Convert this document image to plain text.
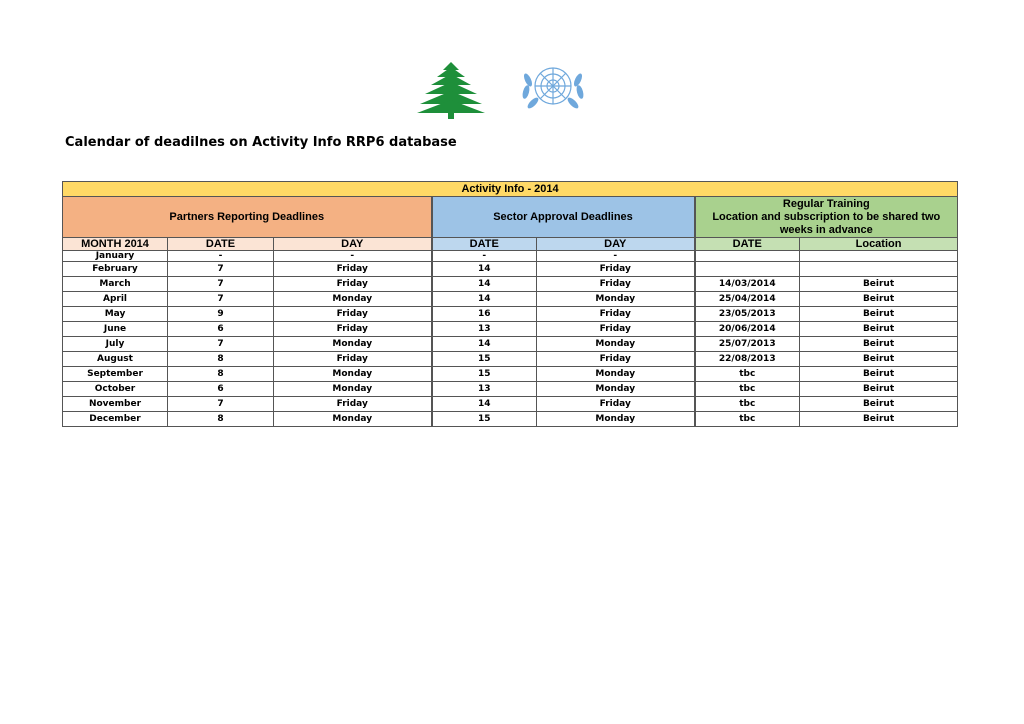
Calendar of deadilnes on Activity Info RRP6 database
Activity Info - 2014						
Partners Reporting Deadlines			Sector Approval Deadlines		Regular Training
Location and subscription to be shared two weeks in advance	

MONTH 2014	DATE	DAY	DATE	DAY	DATE	Location
January	-	-	-	-		
February	7	Friday	14	Friday		
March	7	Friday	14	Friday	14/03/2014	Beirut
April	7	Monday	14	Monday	25/04/2014	Beirut
May	9	Friday	16	Friday	23/05/2013	Beirut
June	6	Friday	13	Friday	20/06/2014	Beirut
July	7	Monday	14	Monday	25/07/2013	Beirut
August	8	Friday	15	Friday	22/08/2013	Beirut
September	8	Monday	15	Monday	tbc	Beirut
October	6	Monday	13	Monday	tbc	Beirut
November	7	Friday	14	Friday	tbc	Beirut
December	8	Monday	15	Monday	tbc	Beirut
